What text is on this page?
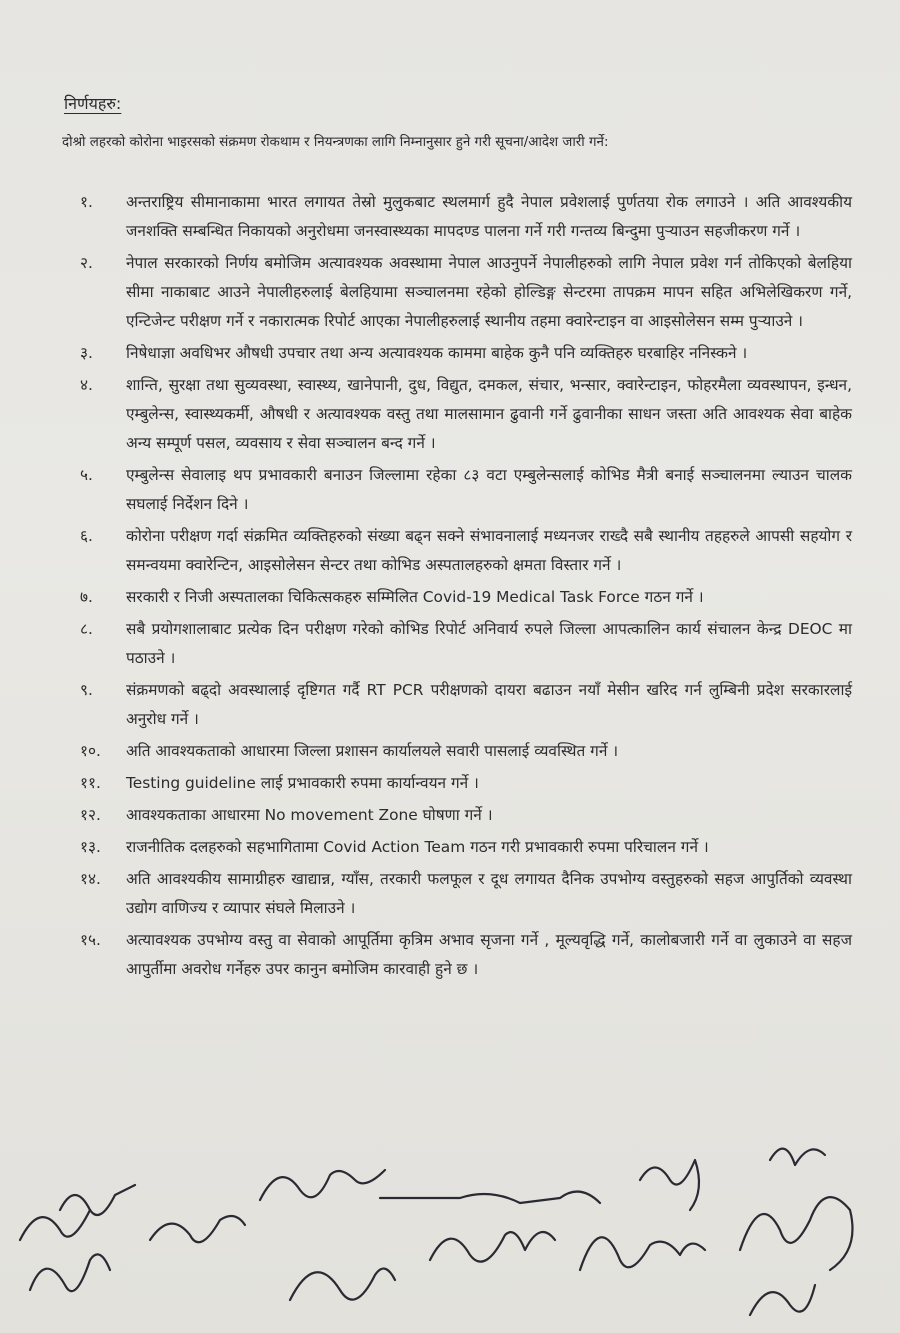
निर्णयहरु:
दोश्रो लहरको कोरोना भाइरसको संक्रमण रोकथाम र नियन्त्रणका लागि निम्नानुसार हुने गरी सूचना/आदेश जारी गर्ने:
१.	अन्तराष्ट्रिय सीमानाकामा भारत लगायत तेस्रो मुलुकबाट स्थलमार्ग हुदै नेपाल प्रवेशलाई पुर्णतया रोक लगाउने । अति आवश्यकीय जनशक्ति सम्बन्धित निकायको अनुरोधमा जनस्वास्थ्यका मापदण्ड पालना गर्ने गरी गन्तव्य बिन्दुमा पुर्‍याउन सहजीकरण गर्ने ।
२.	नेपाल सरकारको निर्णय बमोजिम अत्यावश्यक अवस्थामा नेपाल आउनुपर्ने नेपालीहरुको लागि नेपाल प्रवेश गर्न तोकिएको बेलहिया सीमा नाकाबाट आउने नेपालीहरुलाई बेलहियामा सञ्चालनमा रहेको होल्डिङ्ग सेन्टरमा तापक्रम मापन सहित अभिलेखिकरण गर्ने, एन्टिजेन्ट परीक्षण गर्ने र नकारात्मक रिपोर्ट आएका नेपालीहरुलाई स्थानीय तहमा क्वारेन्टाइन वा आइसोलेसन सम्म पुर्‍याउने ।
३.	निषेधाज्ञा अवधिभर औषधी उपचार तथा अन्य अत्यावश्यक काममा बाहेक कुनै पनि व्यक्तिहरु घरबाहिर ननिस्कने ।
४.	शान्ति, सुरक्षा तथा सुव्यवस्था, स्वास्थ्य, खानेपानी, दुध, विद्युत, दमकल, संचार, भन्सार, क्वारेन्टाइन, फोहरमैला व्यवस्थापन, इन्धन, एम्बुलेन्स, स्वास्थ्यकर्मी, औषधी र अत्यावश्यक वस्तु तथा मालसामान ढुवानी गर्ने ढुवानीका साधन जस्ता अति आवश्यक सेवा बाहेक अन्य सम्पूर्ण पसल, व्यवसाय र सेवा सञ्चालन बन्द गर्ने ।
५.	एम्बुलेन्स सेवालाइ थप प्रभावकारी बनाउन जिल्लामा रहेका ८३ वटा एम्बुलेन्सलाई कोभिड मैत्री बनाई सञ्चालनमा ल्याउन चालक सघलाई निर्देशन दिने ।
६.	कोरोना परीक्षण गर्दा संक्रमित व्यक्तिहरुको संख्या बढ्न सक्ने संभावनालाई मध्यनजर राख्दै सबै स्थानीय तहहरुले आपसी सहयोग र समन्वयमा क्वारेन्टिन, आइसोलेसन सेन्टर तथा कोभिड अस्पतालहरुको क्षमता विस्तार गर्ने ।
७.	सरकारी र निजी अस्पतालका चिकित्सकहरु सम्मिलित Covid-19 Medical Task Force गठन गर्ने ।
८.	सबै प्रयोगशालाबाट प्रत्येक दिन परीक्षण गरेको कोभिड रिपोर्ट अनिवार्य रुपले जिल्ला आपत्कालिन कार्य संचालन केन्द्र DEOC मा पठाउने ।
९.	संक्रमणको बढ्दो अवस्थालाई दृष्टिगत गर्दै RT PCR परीक्षणको दायरा बढाउन नयाँ मेसीन खरिद गर्न लुम्बिनी प्रदेश सरकारलाई अनुरोध गर्ने ।
१०.	अति आवश्यकताको आधारमा जिल्ला प्रशासन कार्यालयले सवारी पासलाई व्यवस्थित गर्ने ।
११.	Testing guideline लाई प्रभावकारी रुपमा कार्यान्वयन गर्ने ।
१२.	आवश्यकताका आधारमा No movement Zone घोषणा गर्ने ।
१३.	राजनीतिक दलहरुको सहभागितामा Covid Action Team गठन गरी प्रभावकारी रुपमा परिचालन गर्ने ।
१४.	अति आवश्यकीय सामाग्रीहरु खाद्यान्न, ग्याँस, तरकारी फलफूल र दूध लगायत दैनिक उपभोग्य वस्तुहरुको सहज आपुर्तिको व्यवस्था उद्योग वाणिज्य र व्यापार संघले मिलाउने ।
१५.	अत्यावश्यक उपभोग्य वस्तु वा सेवाको आपूर्तिमा कृत्रिम अभाव सृजना गर्ने , मूल्यवृद्धि गर्ने, कालोबजारी गर्ने वा लुकाउने वा सहज आपुर्तीमा अवरोध गर्नेहरु उपर कानुन बमोजिम कारवाही हुने छ ।
